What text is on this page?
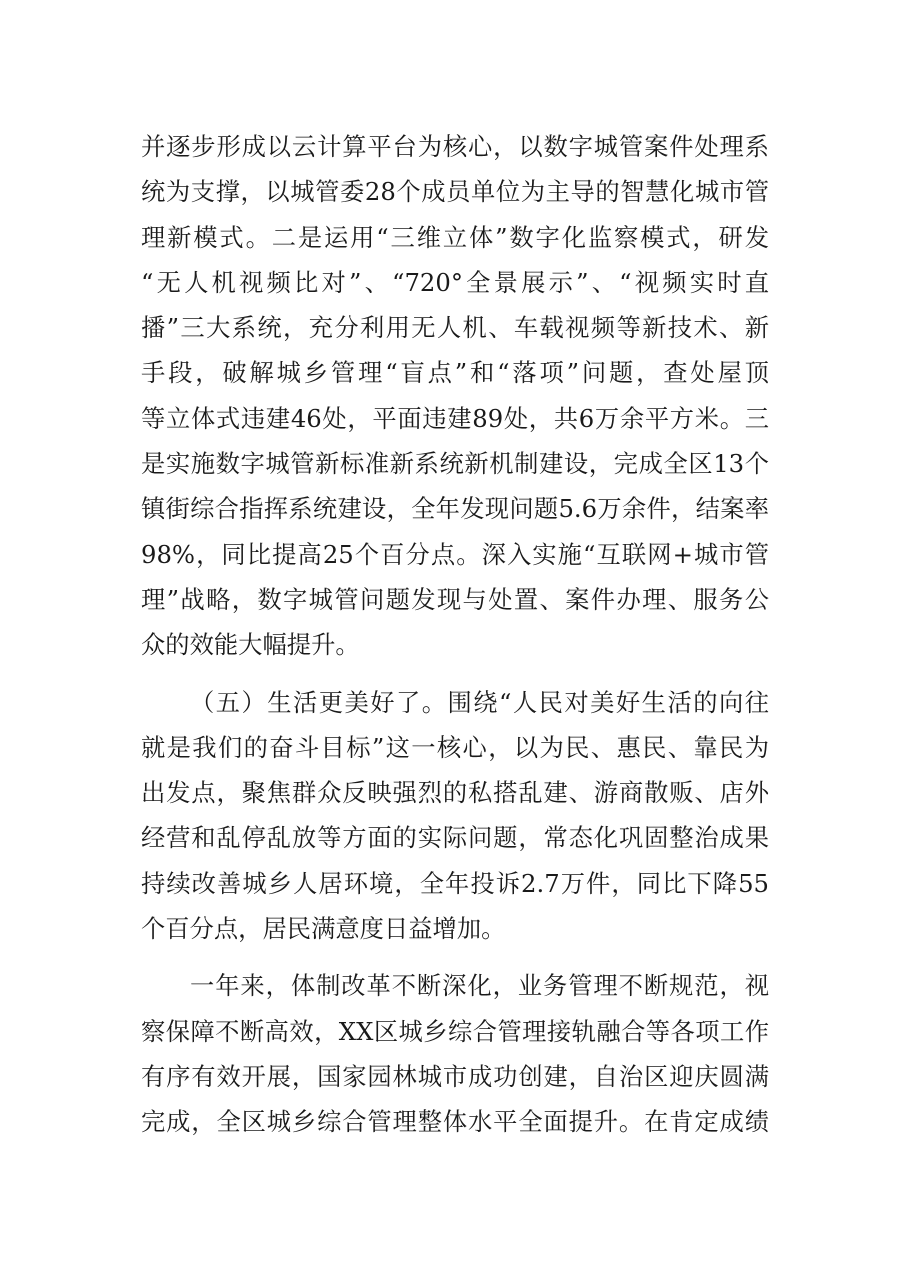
并逐步形成以云计算平台为核心，以数字城管案件处理系
统为支撑，以城管委28个成员单位为主导的智慧化城市管
理新模式。二是运用“三维立体”数字化监察模式，研发
“无人机视频比对”、“720°全景展示”、“视频实时直
播”三大系统，充分利用无人机、车载视频等新技术、新
手段，破解城乡管理“盲点”和“落项”问题，查处屋顶
等立体式违建46处，平面违建89处，共6万余平方米。三
是实施数字城管新标准新系统新机制建设，完成全区13个
镇街综合指挥系统建设，全年发现问题5.6万余件，结案率
98%，同比提高25个百分点。深入实施“互联网+城市管
理”战略，数字城管问题发现与处置、案件办理、服务公
众的效能大幅提升。
（五）生活更美好了。围绕“人民对美好生活的向往
就是我们的奋斗目标”这一核心，以为民、惠民、靠民为
出发点，聚焦群众反映强烈的私搭乱建、游商散贩、店外
经营和乱停乱放等方面的实际问题，常态化巩固整治成果
持续改善城乡人居环境，全年投诉2.7万件，同比下降55
个百分点，居民满意度日益增加。
一年来，体制改革不断深化，业务管理不断规范，视
察保障不断高效，XX区城乡综合管理接轨融合等各项工作
有序有效开展，国家园林城市成功创建，自治区迎庆圆满
完成，全区城乡综合管理整体水平全面提升。在肯定成绩
